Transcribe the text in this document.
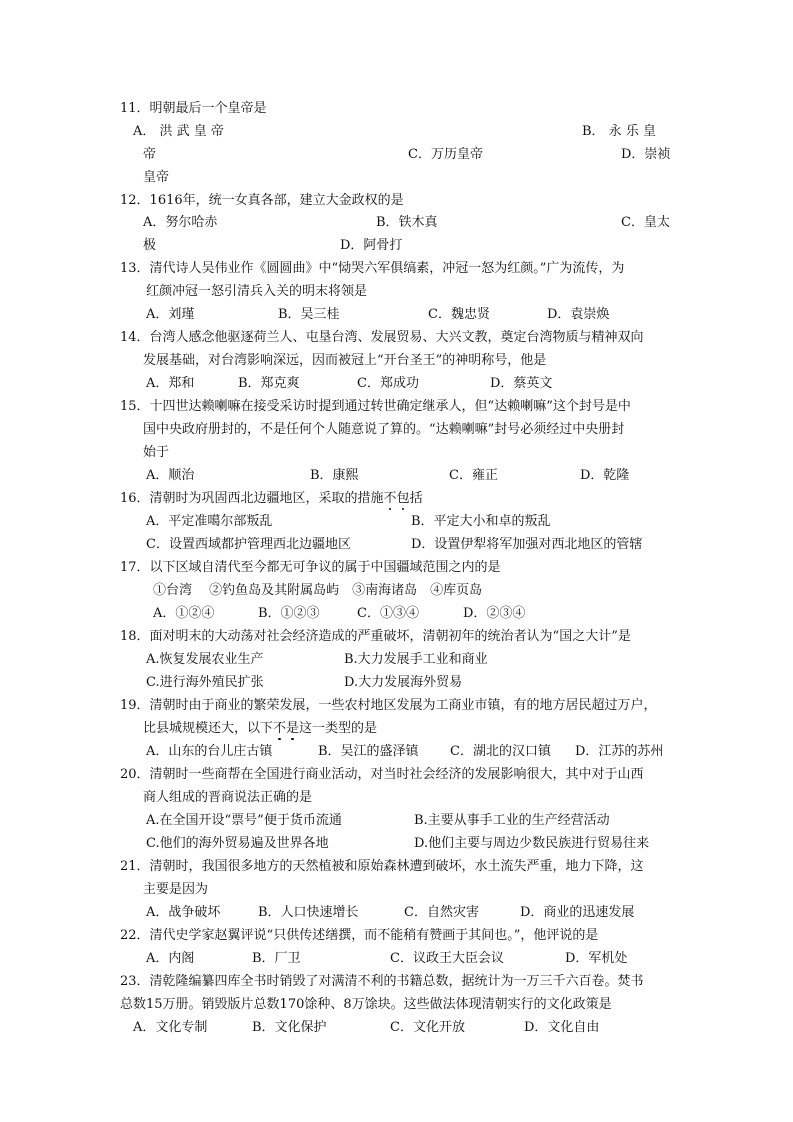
11．明朝最后一个皇帝是
A． 洪 武 皇 帝	B． 永 乐 皇
帝	C．万历皇帝	D．崇祯
皇帝
12．1616年，统一女真各部，建立大金政权的是
A．努尔哈赤	B．铁木真	C．皇太
极	D．阿骨打
13．清代诗人吴伟业作《圆圆曲》中“恸哭六军俱缟素，冲冠一怒为红颜。”广为流传，为
红颜冲冠一怒引清兵入关的明末将领是
A．刘瑾	B．吴三桂	C．魏忠贤	D．袁崇焕
14．台湾人感念他驱逐荷兰人、屯垦台湾、发展贸易、大兴文教，奠定台湾物质与精神双向
发展基础，对台湾影响深远，因而被冠上“开台圣王”的神明称号，他是
A．郑和	B．郑克爽	C．郑成功	D．蔡英文
15．十四世达赖喇嘛在接受采访时提到通过转世确定继承人，但“达赖喇嘛”这个封号是中
国中央政府册封的，不是任何个人随意说了算的。“达赖喇嘛”封号必须经过中央册封
始于
A．顺治	B．康熙	C．雍正	D．乾隆
16．清朝时为巩固西北边疆地区，采取的措施不包括
A．平定准噶尔部叛乱	B．平定大小和卓的叛乱
C．设置西域都护管理西北边疆地区	D．设置伊犁将军加强对西北地区的管辖
17．以下区域自清代至今都无可争议的属于中国疆域范围之内的是
①台湾　 ②钓鱼岛及其附属岛屿　③南海诸岛　④库页岛
A．①②④	B．①②③	C．①③④	D．②③④
18．面对明末的大动荡对社会经济造成的严重破坏，清朝初年的统治者认为“国之大计”是
A.恢复发展农业生产	B.大力发展手工业和商业
C.进行海外殖民扩张	D.大力发展海外贸易
19．清朝时由于商业的繁荣发展，一些农村地区发展为工商业市镇，有的地方居民超过万户，
比县城规模还大，以下不是这一类型的是
A．山东的台儿庄古镇	B．吴江的盛泽镇 C．湖北的汉口镇 D．江苏的苏州
20．清朝时一些商帮在全国进行商业活动，对当时社会经济的发展影响很大，其中对于山西
商人组成的晋商说法正确的是
A.在全国开设“票号”便于货币流通	B.主要从事手工业的生产经营活动
C.他们的海外贸易遍及世界各地	D.他们主要与周边少数民族进行贸易往来
21．清朝时，我国很多地方的天然植被和原始森林遭到破坏，水土流失严重，地力下降，这
主要是因为
A．战争破坏	B．人口快速增长	C．自然灾害	D．商业的迅速发展
22．清代史学家赵翼评说“只供传述缮撰，而不能稍有赞画于其间也。”，他评说的是
A．内阁	B．厂卫	C．议政王大臣会议	D．军机处
23．清乾隆编纂四库全书时销毁了对满清不利的书籍总数，据统计为一万三千六百卷。焚书
总数15万册。销毁版片总数170馀种、8万馀块。这些做法体现清朝实行的文化政策是
A．文化专制	B．文化保护	C．文化开放	D．文化自由
